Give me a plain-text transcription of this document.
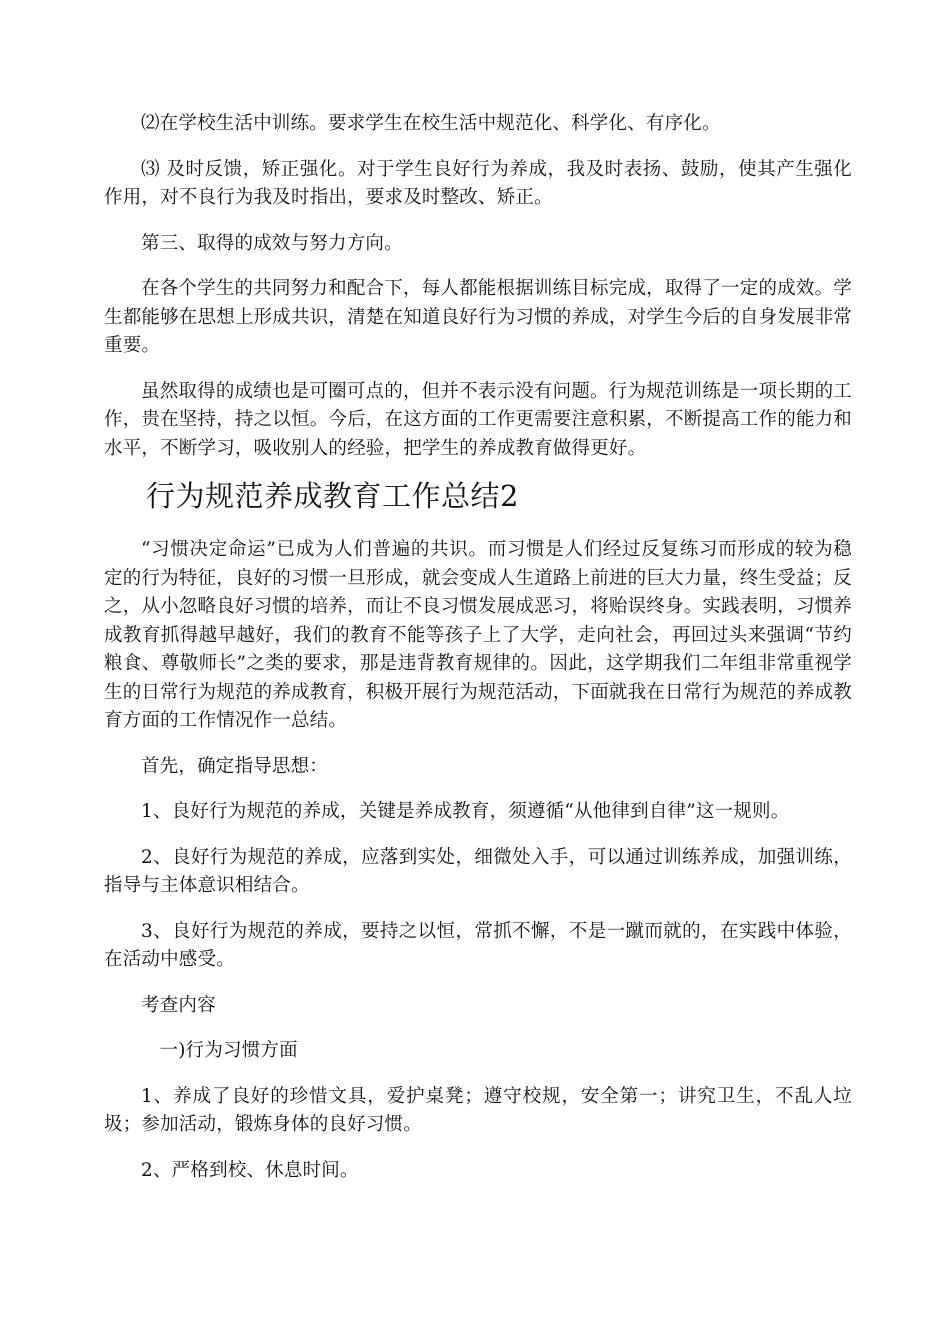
⑵在学校生活中训练。要求学生在校生活中规范化、科学化、有序化。

⑶ 及时反馈，矫正强化。对于学生良好行为养成，我及时表扬、鼓励，使其产生强化作用，对不良行为我及时指出，要求及时整改、矫正。

第三、取得的成效与努力方向。

在各个学生的共同努力和配合下，每人都能根据训练目标完成，取得了一定的成效。学生都能够在思想上形成共识，清楚在知道良好行为习惯的养成，对学生今后的自身发展非常重要。

虽然取得的成绩也是可圈可点的，但并不表示没有问题。行为规范训练是一项长期的工作，贵在坚持，持之以恒。今后，在这方面的工作更需要注意积累，不断提高工作的能力和水平，不断学习，吸收别人的经验，把学生的养成教育做得更好。

行为规范养成教育工作总结2

“习惯决定命运”已成为人们普遍的共识。而习惯是人们经过反复练习而形成的较为稳定的行为特征，良好的习惯一旦形成，就会变成人生道路上前进的巨大力量，终生受益；反之，从小忽略良好习惯的培养，而让不良习惯发展成恶习，将贻误终身。实践表明，习惯养成教育抓得越早越好，我们的教育不能等孩子上了大学，走向社会，再回过头来强调“节约粮食、尊敬师长”之类的要求，那是违背教育规律的。因此，这学期我们二年组非常重视学生的日常行为规范的养成教育，积极开展行为规范活动，下面就我在日常行为规范的养成教育方面的工作情况作一总结。

首先，确定指导思想：

1、良好行为规范的养成，关键是养成教育，须遵循“从他律到自律”这一规则。

2、良好行为规范的养成，应落到实处，细微处入手，可以通过训练养成，加强训练，指导与主体意识相结合。

3、良好行为规范的养成，要持之以恒，常抓不懈，不是一蹴而就的，在实践中体验，在活动中感受。

考查内容

一)行为习惯方面

1、养成了良好的珍惜文具，爱护桌凳；遵守校规，安全第一；讲究卫生，不乱人垃圾；参加活动，锻炼身体的良好习惯。

2、严格到校、休息时间。
